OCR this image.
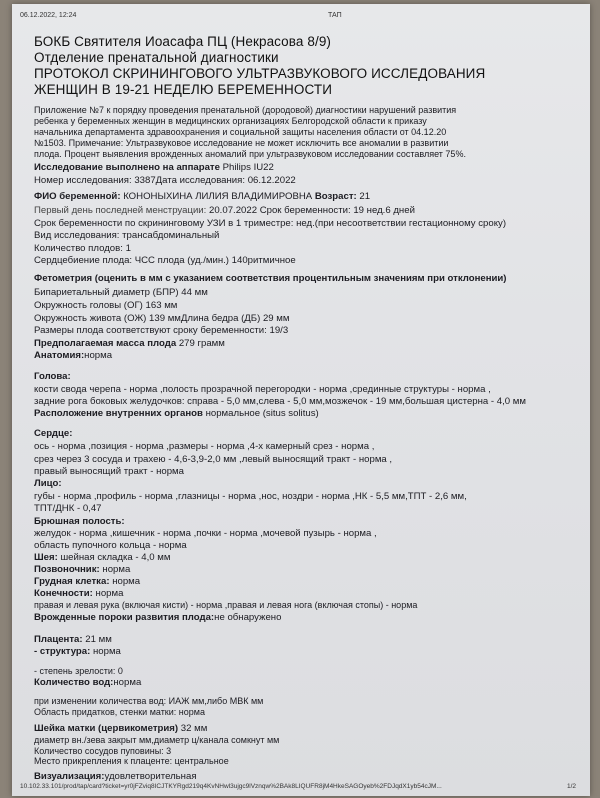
06.12.2022, 12:24	ТАП
БОКБ Святителя Иоасафа ПЦ (Некрасова 8/9)
Отделение пренатальной диагностики
ПРОТОКОЛ СКРИНИНГОВОГО УЛЬТРАЗВУКОВОГО ИССЛЕДОВАНИЯ
ЖЕНЩИН В 19-21 НЕДЕЛЮ БЕРЕМЕННОСТИ
Приложение №7 к порядку проведения пренатальной (дородовой) диагностики нарушений развития
ребенка у беременных женщин в медицинских организациях Белгородской области к приказу
начальника департамента здравоохранения и социальной защиты населения области от 04.12.20
№1503. Примечание: Ультразвуковое исследование не может исключить все аномалии в развитии
плода. Процент выявления врожденных аномалий при ультразвуковом исследовании составляет 75%.
Исследование выполнено на аппарате Philips IU22
Номер исследования: 3387Дата исследования: 06.12.2022
ФИО беременной: КОНОНЫХИНА ЛИЛИЯ ВЛАДИМИРОВНА Возраст: 21
Первый день последней менструации: 20.07.2022 Срок беременности: 19 нед.6 дней
Срок беременности по скрининговому УЗИ в 1 триместре: нед.(при несоответствии гестационному сроку)
Вид исследования: трансабдоминальный
Количество плодов: 1
Сердцебиение плода: ЧСС плода (уд./мин.) 140ритмичное
Фетометрия (оценить в мм с указанием соответствия процентильным значениям при отклонении)
Бипариетальный диаметр (БПР) 44 мм
Окружность головы (ОГ) 163 мм
Окружность живота (ОЖ) 139 ммДлина бедра (ДБ) 29 мм
Размеры плода соответствуют сроку беременности: 19/3
Предполагаемая масса плода 279 грамм
Анатомия:норма
Голова:
кости свода черепа - норма ,полость прозрачной перегородки - норма ,срединные структуры - норма ,
задние рога боковых желудочков: справа - 5,0 мм,слева - 5,0 мм,мозжечок - 19 мм,большая цистерна - 4,0 мм
Расположение внутренних органов нормальное (situs solitus)
Сердце:
ось - норма ,позиция - норма ,размеры - норма ,4-х камерный срез - норма ,
срез через 3 сосуда и трахею - 4,6-3,9-2,0 мм ,левый выносящий тракт - норма ,
правый выносящий тракт - норма
Лицо:
губы - норма ,профиль - норма ,глазницы - норма ,нос, ноздри - норма ,НК - 5,5 мм,ТПТ - 2,6 мм,
ТПТ/ДНК - 0,47
Брюшная полость:
желудок - норма ,кишечник - норма ,почки - норма ,мочевой пузырь - норма ,
область пупочного кольца - норма
Шея: шейная складка - 4,0 мм
Позвоночник: норма
Грудная клетка: норма
Конечности: норма
правая и левая рука (включая кисти) - норма ,правая и левая нога (включая стопы) - норма
Врожденные пороки развития плода:не обнаружено
Плацента: 21 мм
- структура: норма
- степень зрелости: 0
Количество вод:норма
при изменении количества вод: ИАЖ мм,либо МВК мм
Область придатков, стенки матки: норма
Шейка матки (цервикометрия) 32 мм
диаметр вн./зева закрыт мм,диаметр ц/канала сомкнут мм
Количество сосудов пуповины: 3
Место прикрепления к плаценте: центральное
Визуализация:удовлетворительная
10.102.33.101/prod/tap/card?ticket=yr0jFZviq8ICJTKYRgd219q4KvNHwl3ujgc9lVznqw%2BAk8LIQUFR8jM4HkeSAGOyeb%2FDJqdX1yb54cJM...	1/2
